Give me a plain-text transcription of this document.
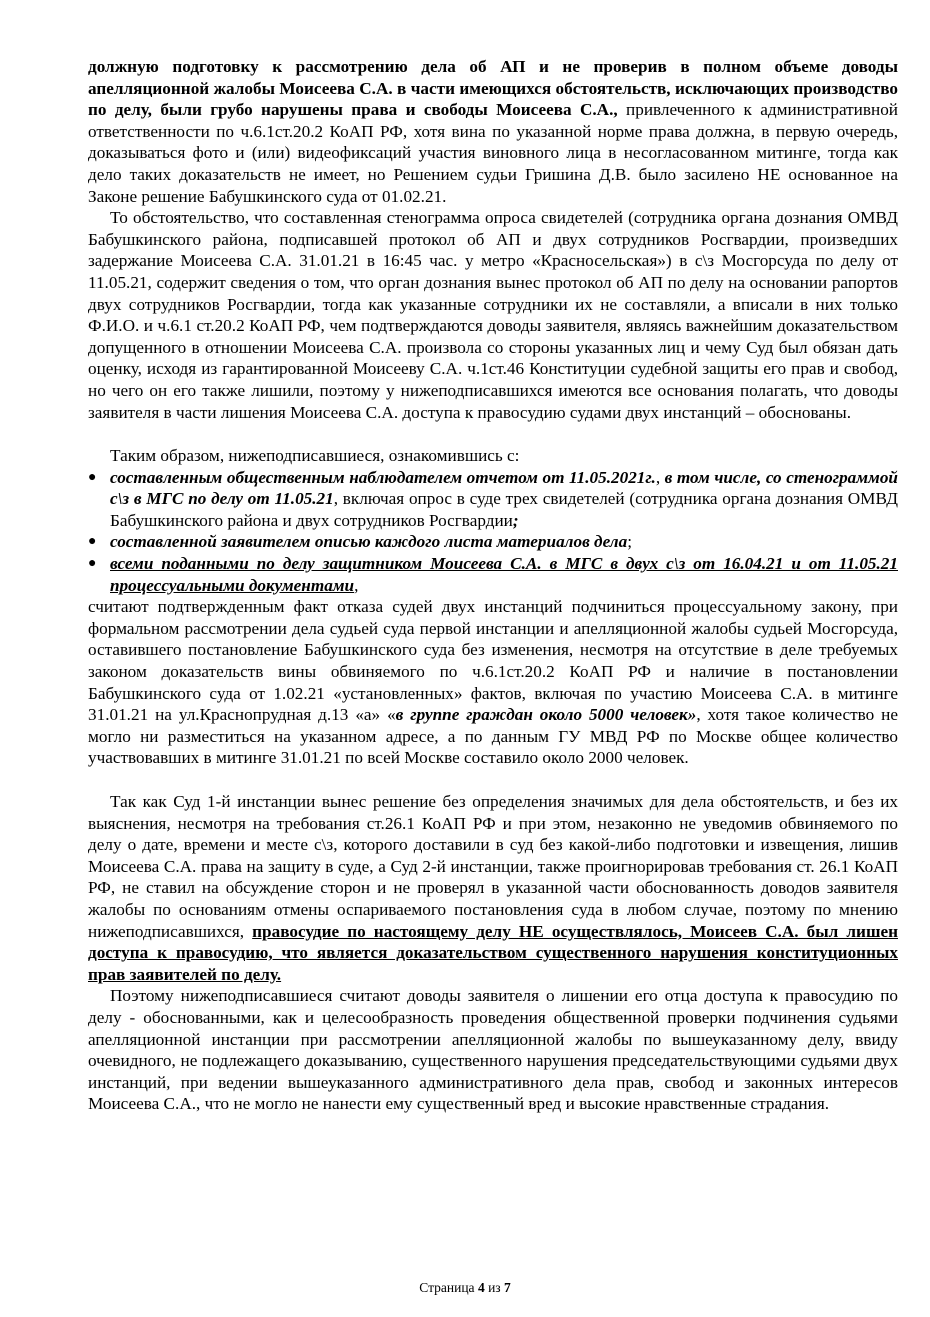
должную подготовку к рассмотрению дела об АП и не проверив в полном объеме доводы апелляционной жалобы Моисеева С.А. в части имеющихся обстоятельств, исключающих производство по делу, были грубо нарушены права и свободы Моисеева С.А., привлеченного к административной ответственности по ч.6.1ст.20.2 КоАП РФ, хотя вина по указанной норме права должна, в первую очередь, доказываться фото и (или) видеофиксаций участия виновного лица в несогласованном митинге, тогда как дело таких доказательств не имеет, но Решением судьи Гришина Д.В. было засилено НЕ основанное на Законе решение Бабушкинского суда от 01.02.21.

То обстоятельство, что составленная стенограмма опроса свидетелей (сотрудника органа дознания ОМВД Бабушкинского района, подписавшей протокол об АП и двух сотрудников Росгвардии, произведших задержание Моисеева С.А. 31.01.21 в 16:45 час. у метро «Красносельская») в с\з Мосгорсуда по делу от 11.05.21, содержит сведения о том, что орган дознания вынес протокол об АП по делу на основании рапортов двух сотрудников Росгвардии, тогда как указанные сотрудники их не составляли, а вписали в них только Ф.И.О. и ч.6.1 ст.20.2 КоАП РФ, чем подтверждаются доводы заявителя, являясь важнейшим доказательством допущенного в отношении Моисеева С.А. произвола со стороны указанных лиц и чему Суд был обязан дать оценку, исходя из гарантированной Моисееву С.А. ч.1ст.46 Конституции судебной защиты его прав и свобод, но чего он его также лишили, поэтому у нижеподписавшихся имеются все основания полагать, что доводы заявителя в части лишения Моисеева С.А. доступа к правосудию судами двух инстанций – обоснованы.

Таким образом, нижеподписавшиеся, ознакомившись с:

● составленным общественным наблюдателем отчетом от 11.05.2021г., в том числе, со стенограммой с\з в МГС по делу от 11.05.21, включая опрос в суде трех свидетелей (сотрудника органа дознания ОМВД Бабушкинского района и двух сотрудников Росгвардии;
● составленной заявителем описью каждого листа материалов дела;
● всеми поданными по делу защитником Моисеева С.А. в МГС в двух с\з от 16.04.21 и от 11.05.21 процессуальными документами,

считают подтвержденным факт отказа судей двух инстанций подчиниться процессуальному закону, при формальном рассмотрении дела судьей суда первой инстанции и апелляционной жалобы судьей Мосгорсуда, оставившего постановление Бабушкинского суда без изменения, несмотря на отсутствие в деле требуемых законом доказательств вины обвиняемого по ч.6.1ст.20.2 КоАП РФ и наличие в постановлении Бабушкинского суда от 1.02.21 «установленных» фактов, включая по участию Моисеева С.А. в митинге 31.01.21 на ул.Краснопрудная д.13 «а» «в группе граждан около 5000 человек», хотя такое количество не могло ни разместиться на указанном адресе, а по данным ГУ МВД РФ по Москве общее количество участвовавших в митинге 31.01.21 по всей Москве составило около 2000 человек.

Так как Суд 1-й инстанции вынес решение без определения значимых для дела обстоятельств, и без их выяснения, несмотря на требования ст.26.1 КоАП РФ и при этом, незаконно не уведомив обвиняемого по делу о дате, времени и месте с\з, которого доставили в суд без какой-либо подготовки и извещения, лишив Моисеева С.А. права на защиту в суде, а Суд 2-й инстанции, также проигнорировав требования ст. 26.1 КоАП РФ, не ставил на обсуждение сторон и не проверял в указанной части обоснованность доводов заявителя жалобы по основаниям отмены оспариваемого постановления суда в любом случае, поэтому по мнению нижеподписавшихся, правосудие по настоящему делу НЕ осуществлялось, Моисеев С.А. был лишен доступа к правосудию, что является доказательством существенного нарушения конституционных прав заявителей по делу.

Поэтому нижеподписавшиеся считают доводы заявителя о лишении его отца доступа к правосудию по делу - обоснованными, как и целесообразность проведения общественной проверки подчинения судьями апелляционной инстанции при рассмотрении апелляционной жалобы по вышеуказанному делу, ввиду очевидного, не подлежащего доказыванию, существенного нарушения председательствующими судьями двух инстанций, при ведении вышеуказанного административного дела прав, свобод и законных интересов Моисеева С.А., что не могло не нанести ему существенный вред и высокие нравственные страдания.

Страница 4 из 7
